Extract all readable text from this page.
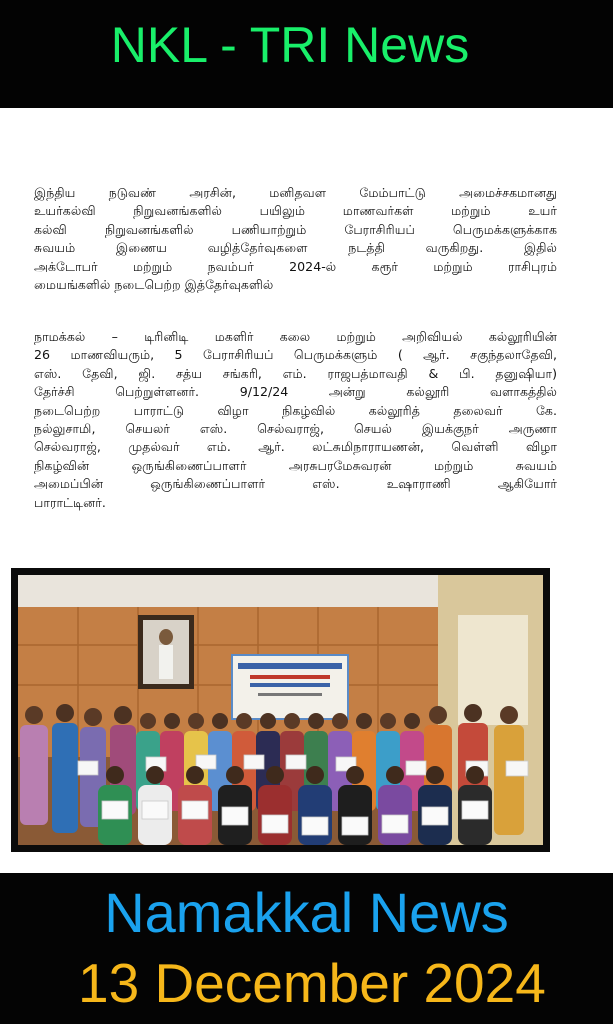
NKL - TRI News
இந்திய நடுவண் அரசின், மனிதவள மேம்பாட்டு அமைச்சகமானது
உயர்கல்வி நிறுவனங்களில் பயிலும் மாணவர்கள் மற்றும் உயர்
கல்வி நிறுவனங்களில் பணியாற்றும் பேராசிரியப் பெருமக்களுக்காக
சுவயம் இணைய வழித்தேர்வுகளை நடத்தி வருகிறது. இதில்
அக்டோபர் மற்றும் நவம்பர் 2024-ல் கரூர் மற்றும் ராசிபுரம்
மையங்களில் நடைபெற்ற இத்தேர்வுகளில்
நாமக்கல் – டிரினிடி மகளிர் கலை மற்றும் அறிவியல் கல்லூரியின்
26 மாணவியரும், 5 பேராசிரியப் பெருமக்களும் ( ஆர். சகுந்தலாதேவி,
எஸ். தேவி, ஜி. சத்ய சங்கரி, எம். ராஜபத்மாவதி & பி. தனுஷியா)
தேர்ச்சி பெற்றுள்ளனர். 9/12/24 அன்று கல்லூரி வளாகத்தில்
நடைபெற்ற பாராட்டு விழா நிகழ்வில் கல்லூரித் தலைவர் கே.
நல்லுசாமி, செயலர் எஸ். செல்வராஜ், செயல் இயக்குநர் அருணா
செல்வராஜ், முதல்வர் எம். ஆர். லட்சுமிநாராயணன், வெள்ளி விழா
நிகழ்வின் ஒருங்கிணைப்பாளர் அரசுபரமேசுவரன் மற்றும் சுவயம்
அமைப்பின் ஒருங்கிணைப்பாளர் எஸ். உஷாராணி ஆகியோர்
பாராட்டினர்.
Namakkal News
13 December 2024
